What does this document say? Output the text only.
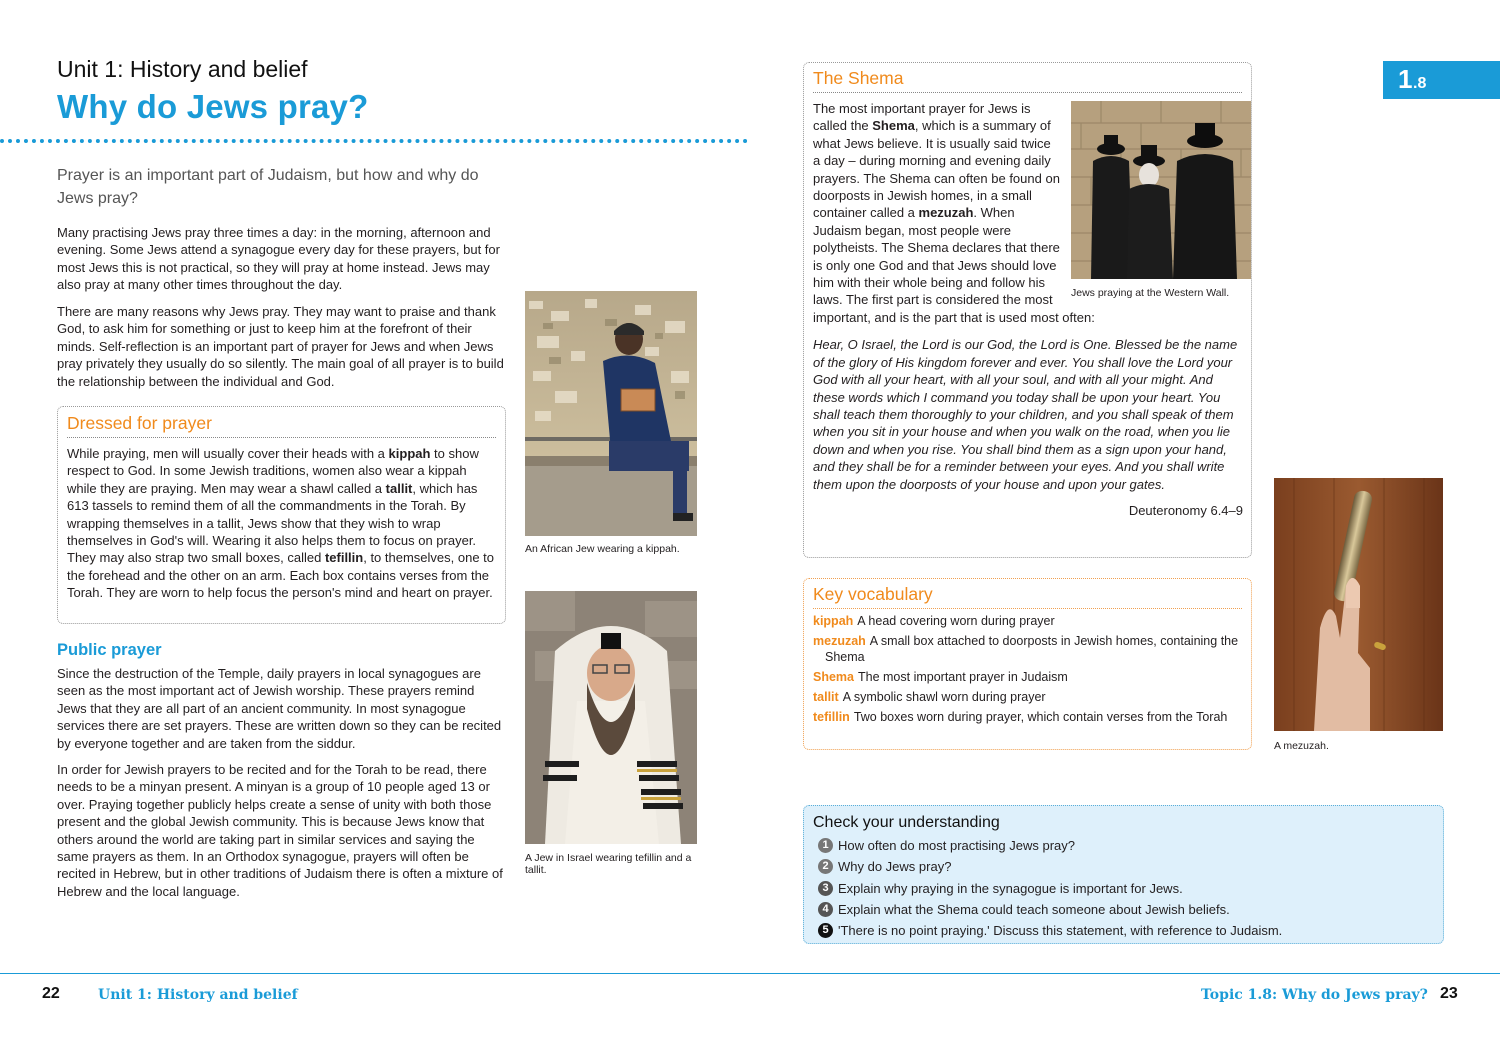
Unit 1: History and belief
Why do Jews pray?
Prayer is an important part of Judaism, but how and why do Jews pray?

Many practising Jews pray three times a day: in the morning, afternoon and evening. Some Jews attend a synagogue every day for these prayers, but for most Jews this is not practical, so they will pray at home instead. Jews may also pray at many other times throughout the day.

There are many reasons why Jews pray. They may want to praise and thank God, to ask him for something or just to keep him at the forefront of their minds. Self-reflection is an important part of prayer for Jews and when Jews pray privately they usually do so silently. The main goal of all prayer is to build the relationship between the individual and God.

Dressed for prayer

While praying, men will usually cover their heads with a kippah to show respect to God. In some Jewish traditions, women also wear a kippah while they are praying. Men may wear a shawl called a tallit, which has 613 tassels to remind them of all the commandments in the Torah. By wrapping themselves in a tallit, Jews show that they wish to wrap themselves in God's will. Wearing it also helps them to focus on prayer. They may also strap two small boxes, called tefillin, to themselves, one to the forehead and the other on an arm. Each box contains verses from the Torah. They are worn to help focus the person's mind and heart on prayer.

Public prayer

Since the destruction of the Temple, daily prayers in local synagogues are seen as the most important act of Jewish worship. These prayers remind Jews that they are all part of an ancient community. In most synagogue services there are set prayers. These are written down so they can be recited by everyone together and are taken from the siddur.

In order for Jewish prayers to be recited and for the Torah to be read, there needs to be a minyan present. A minyan is a group of 10 people aged 13 or over. Praying together publicly helps create a sense of unity with both those present and the global Jewish community. This is because Jews know that others around the world are taking part in similar services and saying the same prayers as them. In an Orthodox synagogue, prayers will often be recited in Hebrew, but in other traditions of Judaism there is often a mixture of Hebrew and the local language.

An African Jew wearing a kippah.
A Jew in Israel wearing tefillin and a tallit.
1 .8
The Shema
Jews praying at the Western Wall.
The most important prayer for Jews is called the Shema, which is a summary of what Jews believe. It is usually said twice a day – during morning and evening daily prayers. The Shema can often be found on doorposts in Jewish homes, in a small container called a mezuzah. When Judaism began, most people were polytheists. The Shema declares that there is only one God and that Jews should love him with their whole being and follow his laws. The first part is considered the most important, and is the part that is used most often:
Hear, O Israel, the Lord is our God, the Lord is One. Blessed be the name of the glory of His kingdom forever and ever. You shall love the Lord your God with all your heart, with all your soul, and with all your might. And these words which I command you today shall be upon your heart. You shall teach them thoroughly to your children, and you shall speak of them when you sit in your house and when you walk on the road, when you lie down and when you rise. You shall bind them as a sign upon your hand, and they shall be for a reminder between your eyes. And you shall write them upon the doorposts of your house and upon your gates.
Deuteronomy 6.4–9
Key vocabulary
kippah A head covering worn during prayer
mezuzah A small box attached to doorposts in Jewish homes, containing the Shema
Shema The most important prayer in Judaism
tallit A symbolic shawl worn during prayer
tefillin Two boxes worn during prayer, which contain verses from the Torah
A mezuzah.
Check your understanding
1 How often do most practising Jews pray?
2 Why do Jews pray?
3 Explain why praying in the synagogue is important for Jews.
4 Explain what the Shema could teach someone about Jewish beliefs.
5 'There is no point praying.' Discuss this statement, with reference to Judaism.
22	Unit 1: History and belief	Topic 1.8: Why do Jews pray? 23
